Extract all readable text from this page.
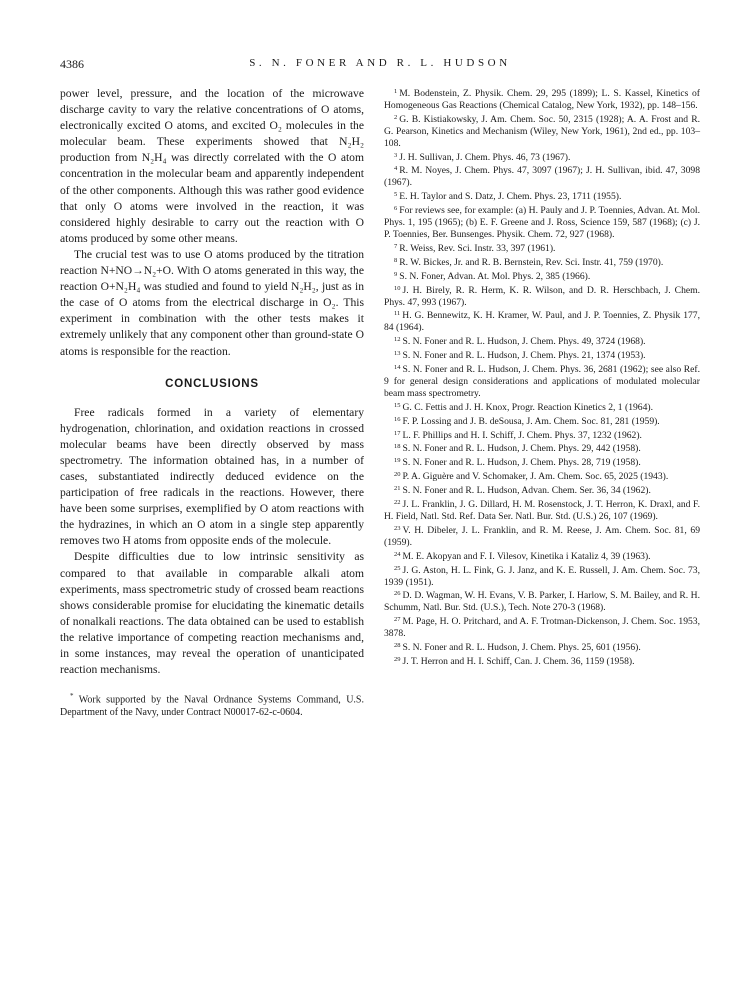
4386	S. N. FONER AND R. L. HUDSON

power level, pressure, and the location of the microwave discharge cavity to vary the relative concentrations of O atoms, electronically excited O atoms, and excited O₂ molecules in the molecular beam. These experiments showed that N₂H₂ production from N₂H₄ was directly correlated with the O atom concentration in the molecular beam and apparently independent of the other components. Although this was rather good evidence that only O atoms were involved in the reaction, it was considered highly desirable to carry out the reaction with O atoms produced by some other means.

The crucial test was to use O atoms produced by the titration reaction N+NO→N₂+O. With O atoms generated in this way, the reaction O+N₂H₄ was studied and found to yield N₂H₂, just as in the case of O atoms from the electrical discharge in O₂. This experiment in combination with the other tests makes it extremely unlikely that any component other than ground-state O atoms is responsible for the reaction.

CONCLUSIONS

Free radicals formed in a variety of elementary hydrogenation, chlorination, and oxidation reactions in crossed molecular beams have been directly observed by mass spectrometry. The information obtained has, in a number of cases, substantiated indirectly deduced evidence on the participation of free radicals in the reactions. However, there have been some surprises, exemplified by O atom reactions with the hydrazines, in which an O atom in a single step apparently removes two H atoms from opposite ends of the molecule.

Despite difficulties due to low intrinsic sensitivity as compared to that available in comparable alkali atom experiments, mass spectrometric study of crossed beam reactions shows considerable promise for elucidating the kinematic details of nonalkali reactions. The data obtained can be used to establish the relative importance of competing reaction mechanisms and, in some instances, may reveal the operation of unanticipated reaction mechanisms.

* Work supported by the Naval Ordnance Systems Command, U.S. Department of the Navy, under Contract N00017-62-c-0604.

$^1$ M. Bodenstein, Z. Physik. Chem. 29, 295 (1899); L. S. Kassel, Kinetics of Homogeneous Gas Reactions (Chemical Catalog, New York, 1932), pp. 148–156.

$^2$ G. B. Kistiakowsky, J. Am. Chem. Soc. 50, 2315 (1928); A. A. Frost and R. G. Pearson, Kinetics and Mechanism (Wiley, New York, 1961), 2nd ed., pp. 103–108.

$^3$ J. H. Sullivan, J. Chem. Phys. 46, 73 (1967).

$^4$ R. M. Noyes, J. Chem. Phys. 47, 3097 (1967); J. H. Sullivan, ibid. 47, 3098 (1967).

$^5$ E. H. Taylor and S. Datz, J. Chem. Phys. 23, 1711 (1955).

$^6$ For reviews see, for example: (a) H. Pauly and J. P. Toennies, Advan. At. Mol. Phys. 1, 195 (1965); (b) E. F. Greene and J. Ross, Science 159, 587 (1968); (c) J. P. Toennies, Ber. Bunsenges. Physik. Chem. 72, 927 (1968).

$^7$ R. Weiss, Rev. Sci. Instr. 33, 397 (1961).

$^8$ R. W. Bickes, Jr. and R. B. Bernstein, Rev. Sci. Instr. 41, 759 (1970).

$^9$ S. N. Foner, Advan. At. Mol. Phys. 2, 385 (1966).

$^{10}$ J. H. Birely, R. R. Herm, K. R. Wilson, and D. R. Herschbach, J. Chem. Phys. 47, 993 (1967).

$^{11}$ H. G. Bennewitz, K. H. Kramer, W. Paul, and J. P. Toennies, Z. Physik 177, 84 (1964).

$^{12}$ S. N. Foner and R. L. Hudson, J. Chem. Phys. 49, 3724 (1968).

$^{13}$ S. N. Foner and R. L. Hudson, J. Chem. Phys. 21, 1374 (1953).

$^{14}$ S. N. Foner and R. L. Hudson, J. Chem. Phys. 36, 2681 (1962); see also Ref. 9 for general design considerations and applications of modulated molecular beam mass spectrometry.

$^{15}$ G. C. Fettis and J. H. Knox, Progr. Reaction Kinetics 2, 1 (1964).

$^{16}$ F. P. Lossing and J. B. deSousa, J. Am. Chem. Soc. 81, 281 (1959).

$^{17}$ L. F. Phillips and H. I. Schiff, J. Chem. Phys. 37, 1232 (1962).

$^{18}$ S. N. Foner and R. L. Hudson, J. Chem. Phys. 29, 442 (1958).

$^{19}$ S. N. Foner and R. L. Hudson, J. Chem. Phys. 28, 719 (1958).

$^{20}$ P. A. Giguère and V. Schomaker, J. Am. Chem. Soc. 65, 2025 (1943).

$^{21}$ S. N. Foner and R. L. Hudson, Advan. Chem. Ser. 36, 34 (1962).

$^{22}$ J. L. Franklin, J. G. Dillard, H. M. Rosenstock, J. T. Herron, K. Draxl, and F. H. Field, Natl. Std. Ref. Data Ser. Natl. Bur. Std. (U.S.) 26, 107 (1969).

$^{23}$ V. H. Dibeler, J. L. Franklin, and R. M. Reese, J. Am. Chem. Soc. 81, 69 (1959).

$^{24}$ M. E. Akopyan and F. I. Vilesov, Kinetika i Kataliz 4, 39 (1963).

$^{25}$ J. G. Aston, H. L. Fink, G. J. Janz, and K. E. Russell, J. Am. Chem. Soc. 73, 1939 (1951).

$^{26}$ D. D. Wagman, W. H. Evans, V. B. Parker, I. Harlow, S. M. Bailey, and R. H. Schumm, Natl. Bur. Std. (U.S.), Tech. Note 270-3 (1968).

$^{27}$ M. Page, H. O. Pritchard, and A. F. Trotman-Dickenson, J. Chem. Soc. 1953, 3878.

$^{28}$ S. N. Foner and R. L. Hudson, J. Chem. Phys. 25, 601 (1956).

$^{29}$ J. T. Herron and H. I. Schiff, Can. J. Chem. 36, 1159 (1958).
